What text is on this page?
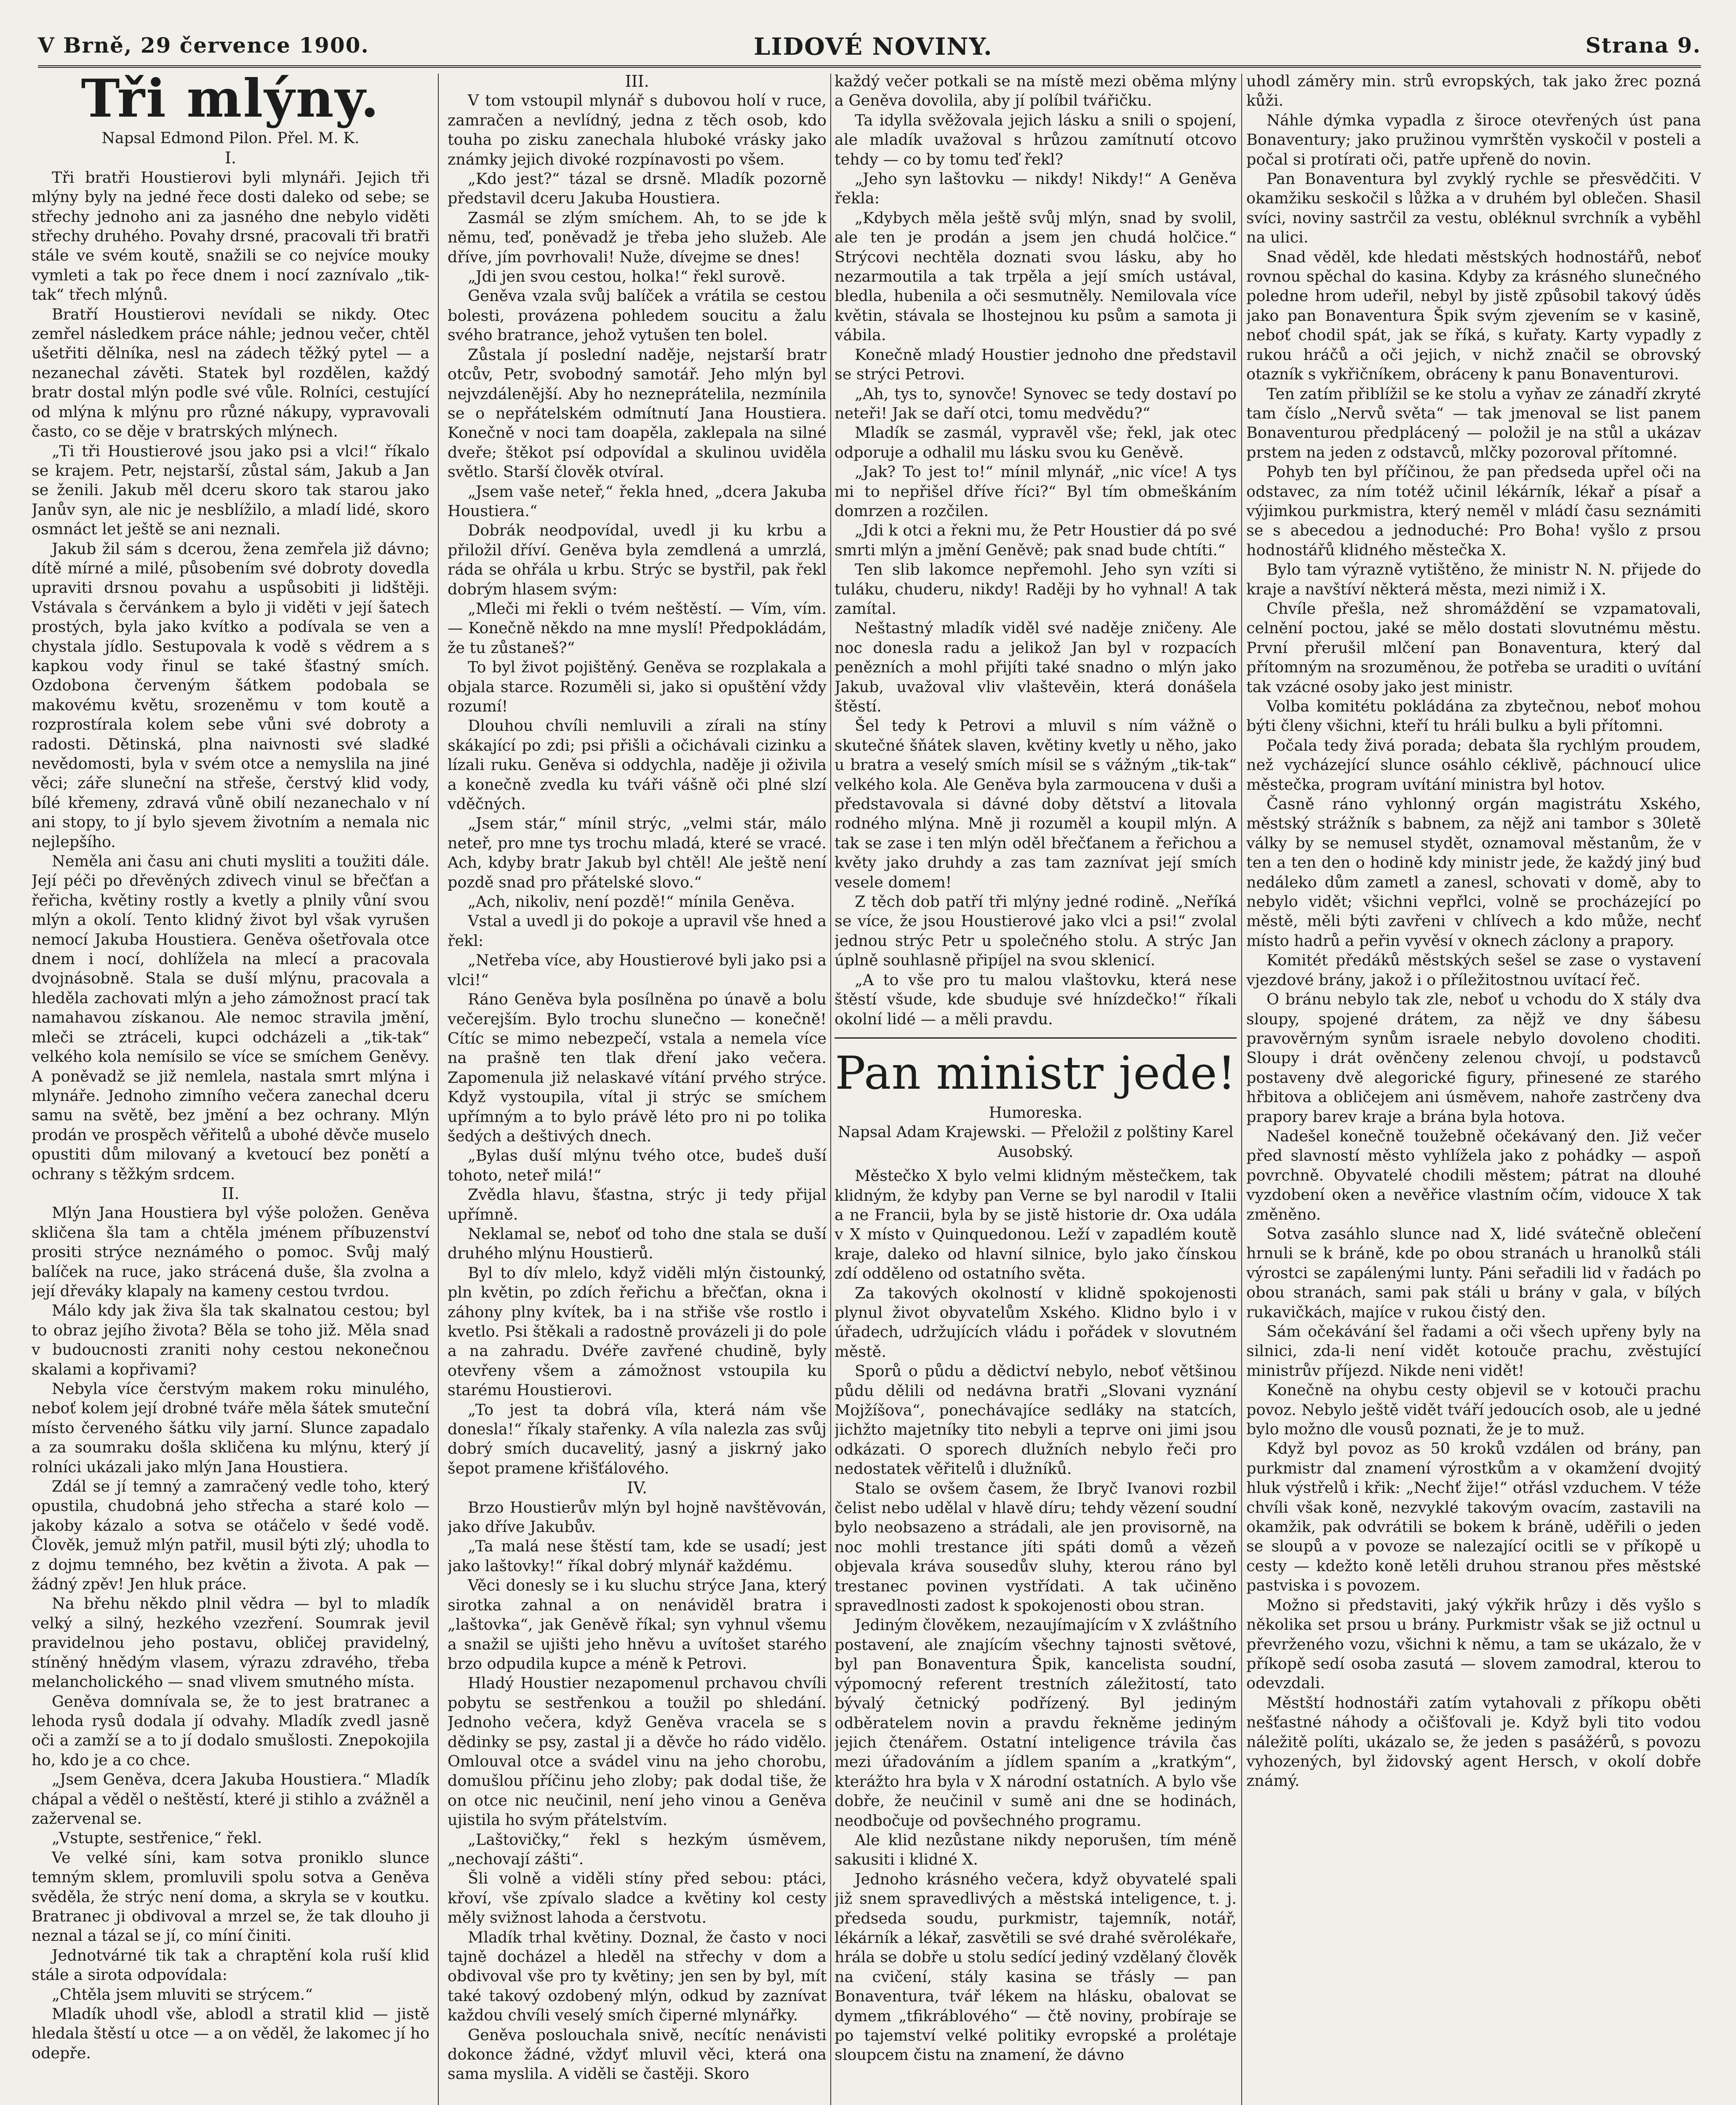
V Brně, 29 července 1900.	LIDOVÉ NOVINY.	Strana 9.
Tři mlýny.

Napsal Edmond Pilon. Přel. M. K.

I.

Tři bratři Houstierovi byli mlynáři. Jejich tři mlýny byly na jedné řece dosti daleko od sebe; se střechy jednoho ani za jasného dne nebylo viděti střechy druhého. Povahy drsné, pracovali tři bratři stále ve svém koutě, snažili se co nejvíce mouky vymleti a tak po řece dnem i nocí zaznívalo „tik-tak“ třech mlýnů.

Bratří Houstierovi nevídali se nikdy. Otec zemřel následkem práce náhle; jednou večer, chtěl ušetřiti dělníka, nesl na zádech těžký pytel — a nezanechal závěti. Statek byl rozdělen, každý bratr dostal mlýn podle své vůle. Rolníci, cestující od mlýna k mlýnu pro různé nákupy, vypravovali často, co se děje v bratrských mlýnech.

„Ti tři Houstierové jsou jako psi a vlci!“ říkalo se krajem. Petr, nejstarší, zůstal sám, Jakub a Jan se ženili. Jakub měl dceru skoro tak starou jako Janův syn, ale nic je nesblížilo, a mladí lidé, skoro osmnáct let ještě se ani neznali.

Jakub žil sám s dcerou, žena zemřela již dávno; dítě mírné a milé, působením své dobroty dovedla upraviti drsnou povahu a uspůsobiti ji lidštěji. Vstávala s červánkem a bylo ji viděti v její šatech prostých, byla jako kvítko a podívala se ven a chystala jídlo. Sestupovala k vodě s vědrem a s kapkou vody řinul se také šťastný smích. Ozdobona červeným šátkem podobala se makovému květu, srozeněmu v tom koutě a rozprostírala kolem sebe vůni své dobroty a radosti. Dětinská, plna naivnosti své sladké nevědomosti, byla v svém otce a nemyslila na jiné věci; záře sluneční na střeše, čerstvý klid vody, bílé křemeny, zdravá vůně obilí nezanechalo v ní ani stopy, to jí bylo sjevem životním a nemala nic nejlepšího.

Neměla ani času ani chuti mysliti a toužiti dále. Její péči po dřevěných zdivech vinul se břečťan a řeřicha, květiny rostly a kvetly a plnily vůní svou mlýn a okolí. Tento klidný život byl však vyrušen nemocí Jakuba Houstiera. Geněva ošetřovala otce dnem i nocí, dohlížela na mlecí a pracovala dvojnásobně. Stala se duší mlýnu, pracovala a hleděla zachovati mlýn a jeho zámožnost prací tak namahavou získanou. Ale nemoc stravila jmění, mleči se ztráceli, kupci odcházeli a „tik-tak“ velkého kola nemísilo se více se smíchem Geněvy. A poněvadž se již nemlela, nastala smrt mlýna i mlynáře. Jednoho zimního večera zanechal dceru samu na světě, bez jmění a bez ochrany. Mlýn prodán ve prospěch věřitelů a ubohé děvče muselo opustiti dům milovaný a kvetoucí bez ponětí a ochrany s těžkým srdcem.

II.

Mlýn Jana Houstiera byl výše položen. Geněva skličena šla tam a chtěla jménem příbuzenství prositi strýce neznámého o pomoc. Svůj malý balíček na ruce, jako strácená duše, šla zvolna a její dřeváky klapaly na kameny cestou tvrdou.

Málo kdy jak živa šla tak skalnatou cestou; byl to obraz jejího života? Běla se toho již. Měla snad v budoucnosti zraniti nohy cestou nekonečnou skalami a kopřivami?

Nebyla více čerstvým makem roku minulého, neboť kolem její drobné tváře měla šátek smuteční místo červeného šátku vily jarní. Slunce zapadalo a za soumraku došla skličena ku mlýnu, který jí rolníci ukázali jako mlýn Jana Houstiera.

Zdál se jí temný a zamračený vedle toho, který opustila, chudobná jeho střecha a staré kolo — jakoby kázalo a sotva se otáčelo v šedé vodě. Člověk, jemuž mlýn patřil, musil býti zlý; uhodla to z dojmu temného, bez květin a života. A pak — žádný zpěv! Jen hluk práce.

Na břehu někdo plnil vědra — byl to mladík velký a silný, hezkého vzezření. Soumrak jevil pravidelnou jeho postavu, obličej pravidelný, stíněný hnědým vlasem, výrazu zdravého, třeba melancholického — snad vlivem smutného místa.

Geněva domnívala se, že to jest bratranec a lehoda rysů dodala jí odvahy. Mladík zvedl jasně oči a zamží se a to jí dodalo smušlosti. Znepokojila ho, kdo je a co chce.

„Jsem Geněva, dcera Jakuba Houstiera.“ Mladík chápal a věděl o neštěstí, které ji stihlo a zvážněl a zažervenal se.

„Vstupte, sestřenice,“ řekl.

Ve velké síni, kam sotva proniklo slunce temným sklem, promluvili spolu sotva a Geněva svěděla, že strýc není doma, a skryla se v koutku. Bratranec ji obdivoval a mrzel se, že tak dlouho ji neznal a tázal se jí, co míní činiti.

Jednotvárné tik tak a chraptění kola ruší klid stále a sirota odpovídala:

„Chtěla jsem mluviti se strýcem.“

Mladík uhodl vše, ablodl a stratil klid — jistě hledala štěstí u otce — a on věděl, že lakomec jí ho odepře.

III.

V tom vstoupil mlynář s dubovou holí v ruce, zamračen a nevlídný, jedna z těch osob, kdo touha po zisku zanechala hluboké vrásky jako známky jejich divoké rozpínavosti po všem.

„Kdo jest?“ tázal se drsně. Mladík pozorně představil dceru Jakuba Houstiera.

Zasmál se zlým smíchem. Ah, to se jde k němu, teď, poněvadž je třeba jeho služeb. Ale dříve, jím povrhovali! Nuže, dívejme se dnes!

„Jdi jen svou cestou, holka!“ řekl surově.

Geněva vzala svůj balíček a vrátila se cestou bolesti, provázena pohledem soucitu a žalu svého bratrance, jehož vytušen ten bolel.

Zůstala jí poslední naděje, nejstarší bratr otcův, Petr, svobodný samotář. Jeho mlýn byl nejvzdálenější. Aby ho nezneprátelila, nezmínila se o nepřátelském odmítnutí Jana Houstiera. Konečně v noci tam doapěla, zaklepala na silné dveře; štěkot psí odpovídal a skulinou uviděla světlo. Starší člověk otvíral.

„Jsem vaše neteř,“ řekla hned, „dcera Jakuba Houstiera.“

Dobrák neodpovídal, uvedl ji ku krbu a přiložil dříví. Geněva byla zemdlená a umrzlá, ráda se ohřála u krbu. Strýc se bystřil, pak řekl dobrým hlasem svým:

„Mleči mi řekli o tvém neštěstí. — Vím, vím. — Konečně někdo na mne myslí! Předpokládám, že tu zůstaneš?“

To byl život pojištěný. Geněva se rozplakala a objala starce. Rozuměli si, jako si opuštění vždy rozumí!

Dlouhou chvíli nemluvili a zírali na stíny skákající po zdi; psi přišli a očichávali cizinku a lízali ruku. Geněva si oddychla, naděje ji oživila a konečně zvedla ku tváři vášně oči plné slzí vděčných.

„Jsem stár,“ mínil strýc, „velmi stár, málo neteř, pro mne tys trochu mladá, které se vracé. Ach, kdyby bratr Jakub byl chtěl! Ale ještě není pozdě snad pro přátelské slovo.“

„Ach, nikoliv, není pozdě!“ mínila Geněva.

Vstal a uvedl ji do pokoje a upravil vše hned a řekl:

„Netřeba více, aby Houstierové byli jako psi a vlci!“

Ráno Geněva byla posílněna po únavě a bolu večerejším. Bylo trochu slunečno — konečně! Cítíc se mimo nebezpečí, vstala a nemela více na prašně ten tlak dření jako večera. Zapomenula již nelaskavé vítání prvého strýce. Když vystoupila, vítal ji strýc se smíchem upřímným a to bylo právě léto pro ni po tolika šedých a deštivých dnech.

„Bylas duší mlýnu tvého otce, budeš duší tohoto, neteř milá!“

Zvědla hlavu, šťastna, strýc ji tedy přijal upřímně.

Neklamal se, neboť od toho dne stala se duší druhého mlýnu Houstierů.

Byl to dív mlelo, když viděli mlýn čistounký, pln květin, po zdích řeřichu a břečťan, okna i záhony plny kvítek, ba i na střiše vše rostlo i kvetlo. Psi štěkali a radostně provázeli ji do pole a na zahradu. Dvéře zavřené chudině, byly otevřeny všem a zámožnost vstoupila ku starému Houstierovi.

„To jest ta dobrá víla, která nám vše donesla!“ říkaly stařenky. A víla nalezla zas svůj dobrý smích ducavelitý, jasný a jiskrný jako šepot pramene křišťálového.

IV.

Brzo Houstierův mlýn byl hojně navštěvován, jako dříve Jakubův.

„Ta malá nese štěstí tam, kde se usadí; jest jako laštovky!“ říkal dobrý mlynář každému.

Věci donesly se i ku sluchu strýce Jana, který sirotka zahnal a on nenáviděl bratra i „laštovka“, jak Geněvě říkal; syn vyhnul všemu a snažil se ujišti jeho hněvu a uvítošet starého brzo odpudila kupce a méně k Petrovi.

Hladý Houstier nezapomenul prchavou chvíli pobytu se sestřenkou a toužil po shledání. Jednoho večera, když Geněva vracela se s dědinky se psy, zastal ji a děvče ho rádo vidělo. Omlouval otce a svádel vinu na jeho chorobu, domušlou příčinu jeho zloby; pak dodal tiše, že on otce nic neučinil, není jeho vinou a Geněva ujistila ho svým přátelstvím.

„Laštovičky,“ řekl s hezkým úsměvem, „nechovají zášti“.

Šli volně a viděli stíny před sebou: ptáci, křoví, vše zpívalo sladce a květiny kol cesty měly svižnost lahoda a čerstvotu.

Mladík trhal květiny. Doznal, že často v noci tajně docházel a hleděl na střechy v dom a obdivoval vše pro ty květiny; jen sen by byl, mít také takový ozdobený mlýn, odkud by zaznívat každou chvíli veselý smích čiperné mlynářky.

Geněva poslouchala snivě, necítíc nenávisti dokonce žádné, vždyť mluvil věci, která ona sama myslila. A viděli se častěji. Skoro

každý večer potkali se na místě mezi oběma mlýny a Geněva dovolila, aby jí políbil tvářičku.

Ta idylla svěžovala jejich lásku a snili o spojení, ale mladík uvažoval s hrůzou zamítnutí otcovo tehdy — co by tomu teď řekl?

„Jeho syn laštovku — nikdy! Nikdy!“ A Geněva řekla:

„Kdybych měla ještě svůj mlýn, snad by svolil, ale ten je prodán a jsem jen chudá holčice.“ Strýcovi nechtěla doznati svou lásku, aby ho nezarmoutila a tak trpěla a její smích ustával, bledla, hubenila a oči sesmutněly. Nemilovala více květin, stávala se lhostejnou ku psům a samota ji vábila.

Konečně mladý Houstier jednoho dne představil se strýci Petrovi.

„Ah, tys to, synovče! Synovec se tedy dostaví po neteři! Jak se daří otci, tomu medvědu?“

Mladík se zasmál, vypravěl vše; řekl, jak otec odporuje a odhalil mu lásku svou ku Geněvě.

„Jak? To jest to!“ mínil mlynář, „nic více! A tys mi to nepřišel dříve říci?“ Byl tím obmeškáním domrzen a rozčilen.

„Jdi k otci a řekni mu, že Petr Houstier dá po své smrti mlýn a jmění Geněvě; pak snad bude chtíti.“

Ten slib lakomce nepřemohl. Jeho syn vzíti si tuláku, chuderu, nikdy! Raději by ho vyhnal! A tak zamítal.

Neštastný mladík viděl své naděje zničeny. Ale noc donesla radu a jelikož Jan byl v rozpacích penězních a mohl přijíti také snadno o mlýn jako Jakub, uvažoval vliv vlaštevěin, která donášela štěstí.

Šel tedy k Petrovi a mluvil s ním vážně o skutečné šňátek slaven, květiny kvetly u něho, jako u bratra a veselý smích mísil se s vážným „tik-tak“ velkého kola. Ale Geněva byla zarmoucena v duši a představovala si dávné doby dětství a litovala rodného mlýna. Mně ji rozuměl a koupil mlýn. A tak se zase i ten mlýn oděl břečťanem a řeřichou a květy jako druhdy a zas tam zaznívat její smích vesele domem!

Z těch dob patří tři mlýny jedné rodině. „Neříká se více, že jsou Houstierové jako vlci a psi!“ zvolal jednou strýc Petr u společného stolu. A strýc Jan úplně souhlasně připíjel na svou sklenicí.

„A to vše pro tu malou vlaštovku, která nese štěstí všude, kde sbuduje své hnízdečko!“ říkali okolní lidé — a měli pravdu.

Pan ministr jede!

Humoreska.

Napsal Adam Krajewski. — Přeložil z polštiny Karel Ausobský.

Městečko X bylo velmi klidným městečkem, tak klidným, že kdyby pan Verne se byl narodil v Italii a ne Francii, byla by se jistě historie dr. Oxa udála v X místo v Quinquedonou. Leží v zapadlém koutě kraje, daleko od hlavní silnice, bylo jako čínskou zdí odděleno od ostatního světa.

Za takových okolností v klidně spokojenosti plynul život obyvatelům Xského. Klidno bylo i v úřadech, udržujících vládu i pořádek v slovutném městě.

Sporů o půdu a dědictví nebylo, neboť většinou půdu dělili od nedávna bratři „Slovani vyznání Mojžíšova“, ponechávajíce sedláky na statcích, jichžto majetníky tito nebyli a teprve oni jimi jsou odkázati. O sporech dlužních nebylo řeči pro nedostatek věřitelů i dlužníků.

Stalo se ovšem časem, že Ibryč Ivanovi rozbil čelist nebo udělal v hlavě díru; tehdy vězení soudní bylo neobsazeno a strádali, ale jen provisorně, na noc mohli trestance jíti spáti domů a vězeň objevala kráva sousedův sluhy, kterou ráno byl trestanec povinen vystřídati. A tak učiněno spravedlnosti zadost k spokojenosti obou stran.

Jediným člověkem, nezaujímajícím v X zvláštního postavení, ale znajícím všechny tajnosti světové, byl pan Bonaventura Špik, kancelista soudní, výpomocný referent trestních záležitostí, tato bývalý četnický podřízený. Byl jediným odběratelem novin a pravdu řekněme jediným jejich čtenářem. Ostatní inteligence trávila čas mezi úřadováním a jídlem spaním a „kratkým“, kterážto hra byla v X národní ostatních. A bylo vše dobře, že neučinil v sumě ani dne se hodinách, neodbočuje od povšechného programu.

Ale klid nezůstane nikdy neporušen, tím méně sakusiti i klidné X.

Jednoho krásného večera, když obyvatelé spali již snem spravedlivých a městská inteligence, t. j. předseda soudu, purkmistr, tajemník, notář, lékárník a lékař, zasvětili se své drahé svěrolékaře, hrála se dobře u stolu sedící jediný vzdělaný člověk na cvičení, stály kasina se třásly — pan Bonaventura, tvář lékem na hlásku, obalovat se dymem „tfikráblového“ — čtě noviny, probíraje se po tajemství velké politiky evropské a prolétaje sloupcem čistu na znamení, že dávno

uhodl záměry min. strů evropských, tak jako žrec pozná kůži.

Náhle dýmka vypadla z široce otevřených úst pana Bonaventury; jako pružinou vymrštěn vyskočil v posteli a počal si protírati oči, patře upřeně do novin.

Pan Bonaventura byl zvyklý rychle se přesvědčiti. V okamžiku seskočil s lůžka a v druhém byl oblečen. Shasil svíci, noviny sastrčil za vestu, obléknul svrchník a vyběhl na ulici.

Snad věděl, kde hledati městských hodnostářů, neboť rovnou spěchal do kasina. Kdyby za krásného slunečného poledne hrom udeřil, nebyl by jistě způsobil takový úděs jako pan Bonaventura Špik svým zjevením se v kasině, neboť chodil spát, jak se říká, s kuřaty. Karty vypadly z rukou hráčů a oči jejich, v nichž značil se obrovský otazník s vykřičníkem, obráceny k panu Bonaventurovi.

Ten zatím přiblížil se ke stolu a vyňav ze zánadří zkryté tam číslo „Nervů světa“ — tak jmenoval se list panem Bonaventurou předplácený — položil je na stůl a ukázav prstem na jeden z odstavců, mlčky pozoroval přítomné.

Pohyb ten byl příčinou, že pan předseda upřel oči na odstavec, za ním totéž učinil lékárník, lékař a písař a výjimkou purkmistra, který neměl v mládí času seznámiti se s abecedou a jednoduché: Pro Boha! vyšlo z prsou hodnostářů klidného městečka X.

Bylo tam výrazně vytištěno, že ministr N. N. přijede do kraje a navštíví některá města, mezi nimiž i X.

Chvíle přešla, než shromáždění se vzpamatovali, celnění poctou, jaké se mělo dostati slovutnému městu. První přerušil mlčení pan Bonaventura, který dal přítomným na srozuměnou, že potřeba se uraditi o uvítání tak vzácné osoby jako jest ministr.

Volba komitétu pokládána za zbytečnou, neboť mohou býti členy všichni, kteří tu hráli bulku a byli přítomni.

Počala tedy živá porada; debata šla rychlým proudem, než vycházející slunce osáhlo céklivě, páchnoucí ulice městečka, program uvítání ministra byl hotov.

Časně ráno vyhlonný orgán magistrátu Xského, městský strážník s babnem, za nějž ani tambor s 30letě války by se nemusel stydět, oznamoval městanům, že v ten a ten den o hodině kdy ministr jede, že každý jiný buď nedáleko dům zametl a zanesl, schovati v domě, aby to nebylo vidět; všichni vepřlci, volně se procházející po městě, měli býti zavřeni v chlívech a kdo může, nechť místo hadrů a peřin vyvěsí v oknech záclony a prapory.

Komitét předáků městských sešel se zase o vystavení vjezdové brány, jakož i o příležitostnou uvítací řeč.

O bránu nebylo tak zle, neboť u vchodu do X stály dva sloupy, spojené drátem, za nějž ve dny šábesu pravověrným synům israele nebylo dovoleno choditi. Sloupy i drát ověnčeny zelenou chvojí, u podstavců postaveny dvě alegorické figury, přinesené ze starého hřbitova a obličejem ani úsměvem, nahoře zastrčeny dva prapory barev kraje a brána byla hotova.

Nadešel konečně toužebně očekávaný den. Již večer před slavností město vyhlížela jako z pohádky — aspoň povrchně. Obyvatelé chodili městem; pátrat na dlouhé vyzdobení oken a nevěřice vlastním očím, vidouce X tak změněno.

Sotva zasáhlo slunce nad X, lidé svátečně oblečení hrnuli se k bráně, kde po obou stranách u hranolků stáli výrostci se zapálenými lunty. Páni seřadili lid v řadách po obou stranách, sami pak stáli u brány v gala, v bílých rukavičkách, majíce v rukou čistý den.

Sám očekávání šel řadami a oči všech upřeny byly na silnici, zda-li není vidět kotouče prachu, zvěstující ministrův příjezd. Nikde neni vidět!

Konečně na ohybu cesty objevil se v kotouči prachu povoz. Nebylo ještě vidět tváří jedoucích osob, ale u jedné bylo možno dle vousů poznati, že je to muž.

Když byl povoz as 50 kroků vzdálen od brány, pan purkmistr dal znamení výrostkům a v okamžení dvojitý hluk výstřelů i křik: „Nechť žije!“ otřásl vzduchem. V téže chvíli však koně, nezvyklé takovým ovacím, zastavili na okamžik, pak odvrátili se bokem k bráně, uděřili o jeden se sloupů a v povoze se nalezající ocitli se v příkopě u cesty — kdežto koně letěli druhou stranou přes městské pastviska i s povozem.

Možno si představiti, jaký výkřik hrůzy i děs vyšlo s několika set prsou u brány. Purkmistr však se již octnul u převrženého vozu, všichni k němu, a tam se ukázalo, že v příkopě sedí osoba zasutá — slovem zamodral, kterou to odevzdali.

Městští hodnostáři zatím vytahovali z příkopu oběti nešťastné náhody a očišťovali je. Když byli tito vodou náležitě políti, ukázalo se, že jeden s pasážérů, s povozu vyhozených, byl židovský agent Hersch, v okolí dobře známý.
